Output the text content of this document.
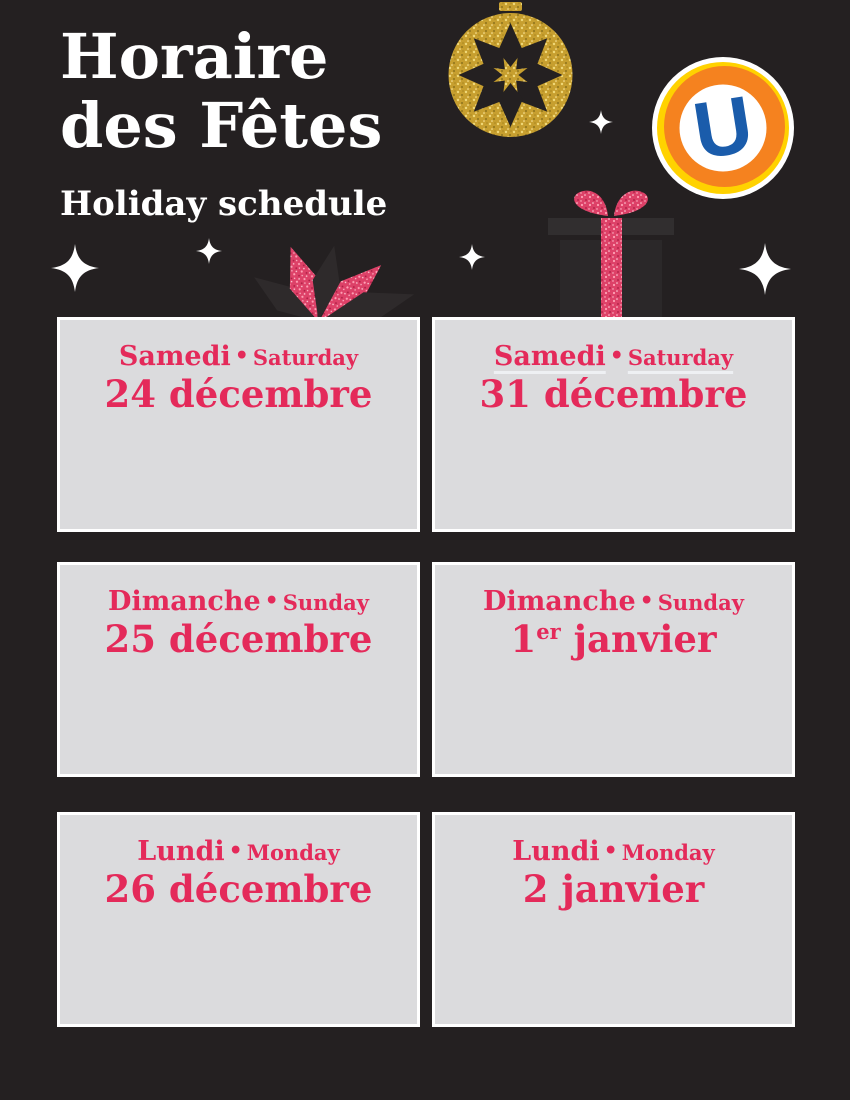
Horaire
des Fêtes
Holiday schedule
U
Samedi • Saturday
24 décembre
Samedi • Saturday
31 décembre
Dimanche • Sunday
25 décembre
Dimanche • Sunday
1er janvier
Lundi • Monday
26 décembre
Lundi • Monday
2 janvier
